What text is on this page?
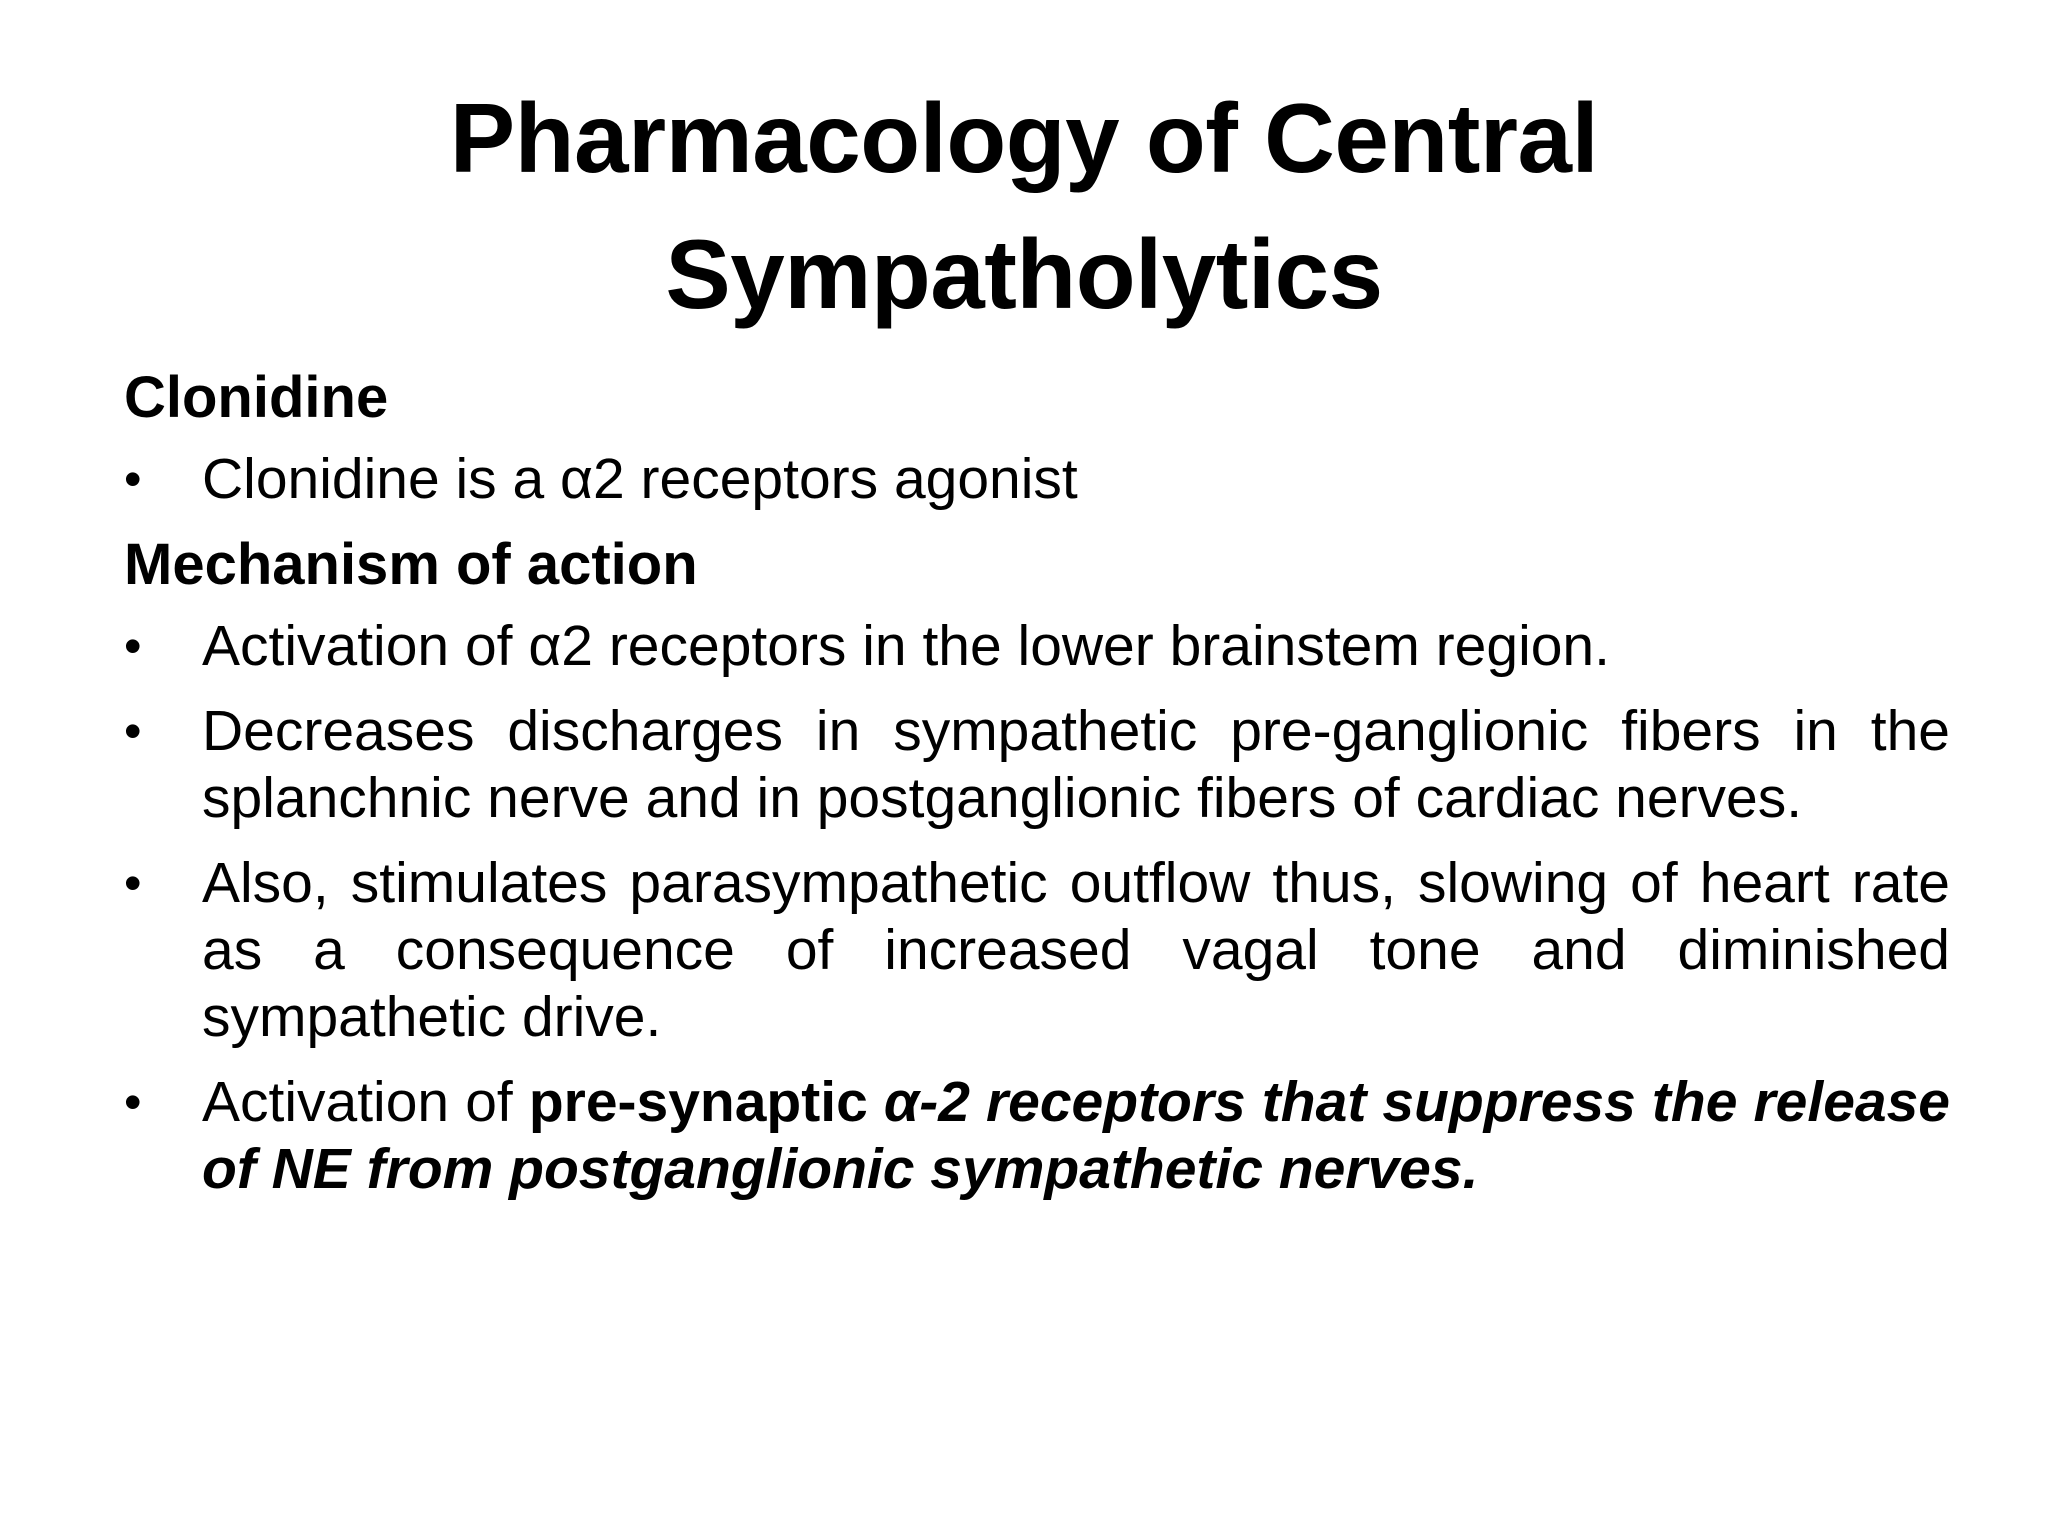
Pharmacology of Central
Sympatholytics

Clonidine

•	Clonidine is a α2 receptors agonist

Mechanism of action

•	Activation of α2 receptors in the lower brainstem region.
•	Decreases discharges in sympathetic pre-ganglionic fibers in the splanchnic nerve and in postganglionic fibers of cardiac nerves.
•	Also, stimulates parasympathetic outflow thus, slowing of heart rate as a consequence of increased vagal tone and diminished sympathetic drive.
•	Activation of pre-synaptic α-2 receptors that suppress the release of NE from postganglionic sympathetic nerves.
